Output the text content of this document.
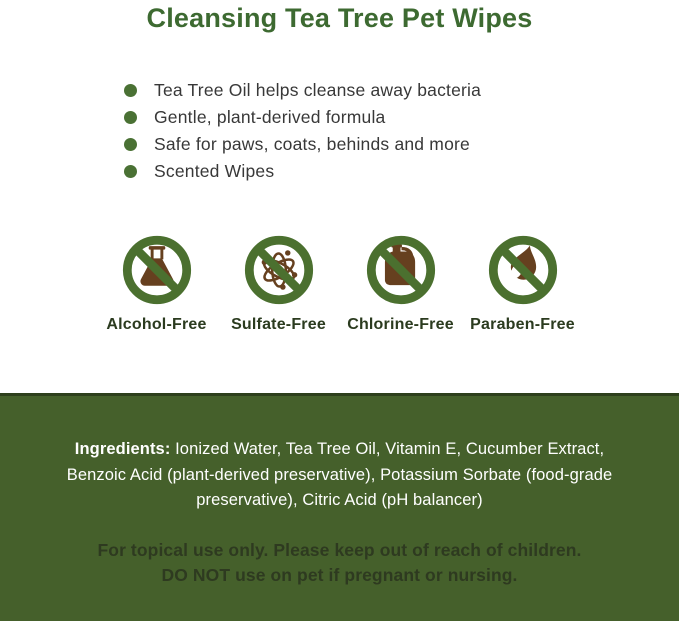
Cleansing Tea Tree Pet Wipes
Tea Tree Oil helps cleanse away bacteria
Gentle, plant-derived formula
Safe for paws, coats, behinds and more
Scented Wipes
Alcohol-Free Sulfate-Free Chlorine-Free Paraben-Free

Ingredients: Ionized Water, Tea Tree Oil, Vitamin E, Cucumber Extract, Benzoic Acid (plant-derived preservative), Potassium Sorbate (food-grade preservative), Citric Acid (pH balancer)

For topical use only. Please keep out of reach of children.
DO NOT use on pet if pregnant or nursing.
